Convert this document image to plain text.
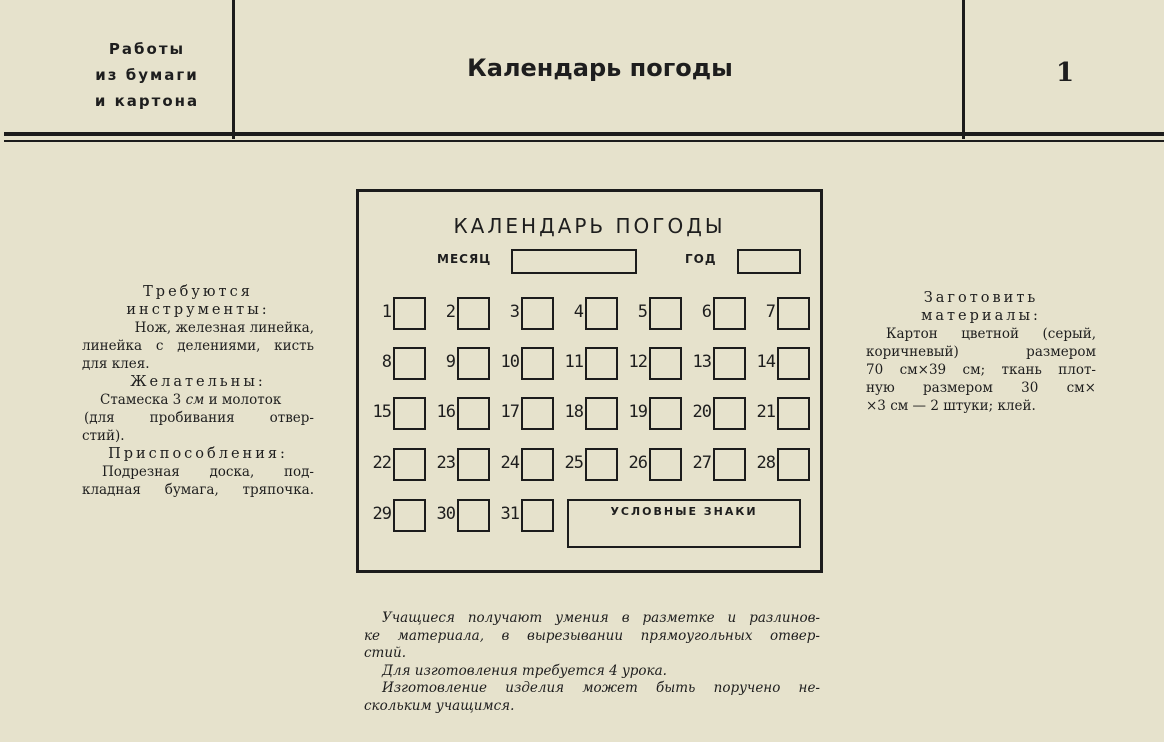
Работы
из бумаги
и картона
Календарь погоды	1
Требуются
инструменты:
Нож, железная линейка,
линейка с делениями, кисть
для клея.
Желательны:
Стамеска 3 см и молоток
(для пробивания отвер-
стий).
Приспособления:
Подрезная доска, под-
кладная бумага, тряпочка.
Заготовить
материалы:
Картон цветной (серый,
коричневый) размером
70 см×39 см; ткань плот-
ную размером 30 см×
×3 см — 2 штуки; клей.
КАЛЕНДАРЬ ПОГОДЫ
МЕСЯЦ	ГОД
1	2	3	4	5	6	7
8	9	10	11	12	13	14
15	16	17	18	19	20	21
22	23	24	25	26	27	28
29	30	31	УСЛОВНЫЕ ЗНАКИ

Учащиеся получают умения в разметке и разлинов-

ке материала, в вырезывании прямоугольных отвер-

стий.

Для изготовления требуется 4 урока.

Изготовление изделия может быть поручено не-

скольким учащимся.
